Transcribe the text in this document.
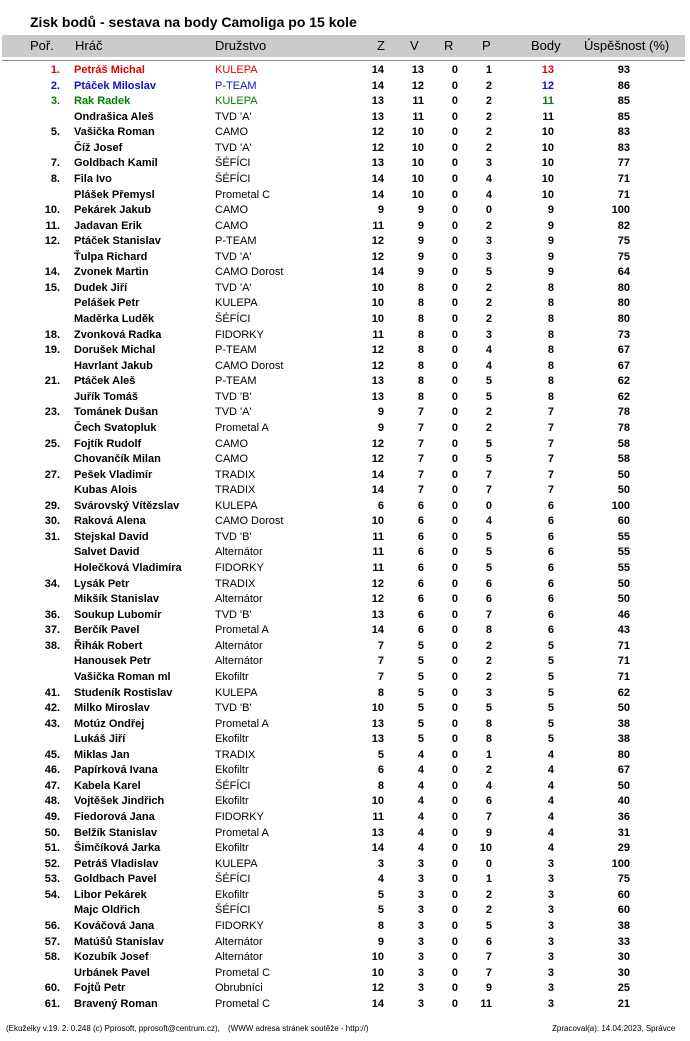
Zisk bodů - sestava na body Camoliga po 15 kole
Poř. Hráč	Družstvo	Z V R P	Body Úspěšnost (%)
1. Petráš Michal	KULEPA	14	13	0	1	13	93
2. Ptáček Miloslav	P-TEAM	14	12	0	2	12	86
3. Rak Radek	KULEPA	13	11	0	2	11	85
Ondrašica Aleš	TVD 'A'	13	11	0	2	11	85
5. Vašička Roman	CAMO	12	10	0	2	10	83
Číž Josef	TVD 'A'	12	10	0	2	10	83
7. Goldbach Kamil	ŠÉFÍCI	13	10	0	3	10	77
8. Fila Ivo	ŠÉFÍCI	14	10	0	4	10	71
Plášek Přemysl	Prometal C	14	10	0	4	10	71
10. Pekárek Jakub	CAMO	9	9	0	0	9	100
11. Jadavan Erik	CAMO	11	9	0	2	9	82
12. Ptáček Stanislav	P-TEAM	12	9	0	3	9	75
Ťulpa Richard	TVD 'A'	12	9	0	3	9	75
14. Zvonek Martin	CAMO Dorost	14	9	0	5	9	64
15. Dudek Jiří	TVD 'A'	10	8	0	2	8	80
Pelášek Petr	KULEPA	10	8	0	2	8	80
Maděrka Luděk	ŠÉFÍCI	10	8	0	2	8	80
18. Zvonková Radka	FIDORKY	11	8	0	3	8	73
19. Dorušek Michal	P-TEAM	12	8	0	4	8	67
Havrlant Jakub	CAMO Dorost	12	8	0	4	8	67
21. Ptáček Aleš	P-TEAM	13	8	0	5	8	62
Juřík Tomáš	TVD 'B'	13	8	0	5	8	62
23. Tománek Dušan	TVD 'A'	9	7	0	2	7	78
Čech Svatopluk	Prometal A	9	7	0	2	7	78
25. Fojtík Rudolf	CAMO	12	7	0	5	7	58
Chovančík Milan	CAMO	12	7	0	5	7	58
27. Pešek Vladimír	TRADIX	14	7	0	7	7	50
Kubas Alois	TRADIX	14	7	0	7	7	50
29. Svárovský Vítězslav	KULEPA	6	6	0	0	6	100
30. Raková Alena	CAMO Dorost	10	6	0	4	6	60
31. Stejskal David	TVD 'B'	11	6	0	5	6	55
Salvet David	Alternátor	11	6	0	5	6	55
Holečková Vladimíra	FIDORKY	11	6	0	5	6	55
34. Lysák Petr	TRADIX	12	6	0	6	6	50
Mikšík Stanislav	Alternátor	12	6	0	6	6	50
36. Soukup Lubomír	TVD 'B'	13	6	0	7	6	46
37. Berčík Pavel	Prometal A	14	6	0	8	6	43
38. Řihák Robert	Alternátor	7	5	0	2	5	71
Hanousek Petr	Alternátor	7	5	0	2	5	71
Vašička Roman ml	Ekofiltr	7	5	0	2	5	71
41. Studeník Rostislav	KULEPA	8	5	0	3	5	62
42. Milko Miroslav	TVD 'B'	10	5	0	5	5	50
43. Motúz Ondřej	Prometal A	13	5	0	8	5	38
Lukáš Jiří	Ekofiltr	13	5	0	8	5	38
45. Miklas Jan	TRADIX	5	4	0	1	4	80
46. Papírková Ivana	Ekofiltr	6	4	0	2	4	67
47. Kabela Karel	ŠÉFÍCI	8	4	0	4	4	50
48. Vojtěšek Jindřich	Ekofiltr	10	4	0	6	4	40
49. Fiedorová Jana	FIDORKY	11	4	0	7	4	36
50. Belžík Stanislav	Prometal A	13	4	0	9	4	31
51. Šimčíková Jarka	Ekofiltr	14	4	0	10	4	29
52. Petráš Vladislav	KULEPA	3	3	0	0	3	100
53. Goldbach Pavel	ŠÉFÍCI	4	3	0	1	3	75
54. Libor Pekárek	Ekofiltr	5	3	0	2	3	60
Majc Oldřich	ŠÉFÍCI	5	3	0	2	3	60
56. Kováčová Jana	FIDORKY	8	3	0	5	3	38
57. Matúšů Stanislav	Alternátor	9	3	0	6	3	33
58. Kozubík Josef	Alternátor	10	3	0	7	3	30
Urbánek Pavel	Prometal C	10	3	0	7	3	30
60. Fojtů Petr	Obrubníci	12	3	0	9	3	25
61. Bravený Roman	Prometal C	14	3	0	11	3	21
(Ekuželky v.19. 2. 0.248 (c) Pprosoft, pprosoft@centrum.cz), (WWW adresa stránek soutěže - http://)	Zpracoval(a): 14.04.2023, Správce
